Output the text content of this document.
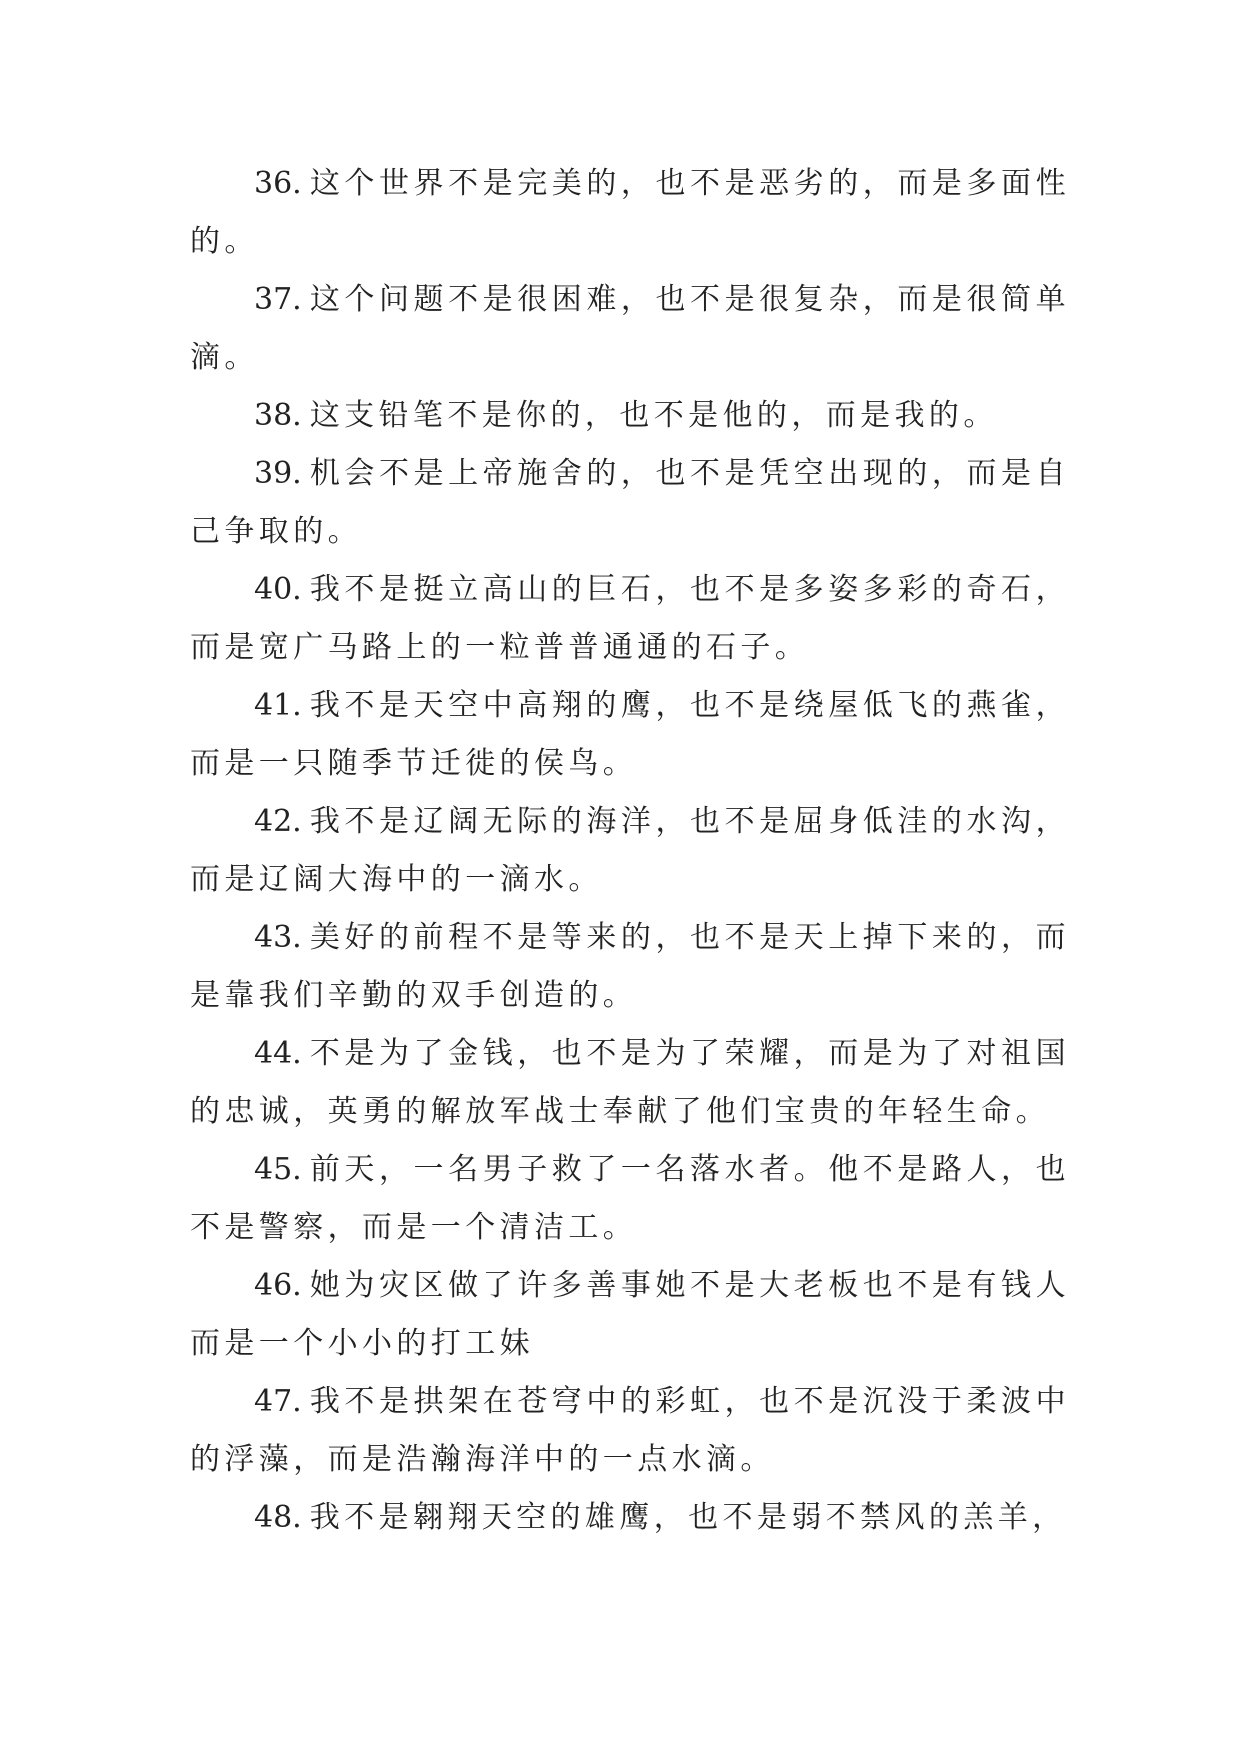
36. 这个世界不是完美的，也不是恶劣的，而是多面性的。

37. 这个问题不是很困难，也不是很复杂，而是很简单滴。

38. 这支铅笔不是你的，也不是他的，而是我的。

39. 机会不是上帝施舍的，也不是凭空出现的，而是自己争取的。

40. 我不是挺立高山的巨石，也不是多姿多彩的奇石，而是宽广马路上的一粒普普通通的石子。

41. 我不是天空中高翔的鹰，也不是绕屋低飞的燕雀，而是一只随季节迁徙的侯鸟。

42. 我不是辽阔无际的海洋，也不是屈身低洼的水沟，而是辽阔大海中的一滴水。

43. 美好的前程不是等来的，也不是天上掉下来的，而是靠我们辛勤的双手创造的。

44. 不是为了金钱，也不是为了荣耀，而是为了对祖国的忠诚，英勇的解放军战士奉献了他们宝贵的年轻生命。

45. 前天，一名男子救了一名落水者。他不是路人，也不是警察，而是一个清洁工。

46. 她为灾区做了许多善事她不是大老板也不是有钱人而是一个小小的打工妹

47. 我不是拱架在苍穹中的彩虹，也不是沉没于柔波中的浮藻，而是浩瀚海洋中的一点水滴。

48. 我不是翱翔天空的雄鹰，也不是弱不禁风的羔羊，
